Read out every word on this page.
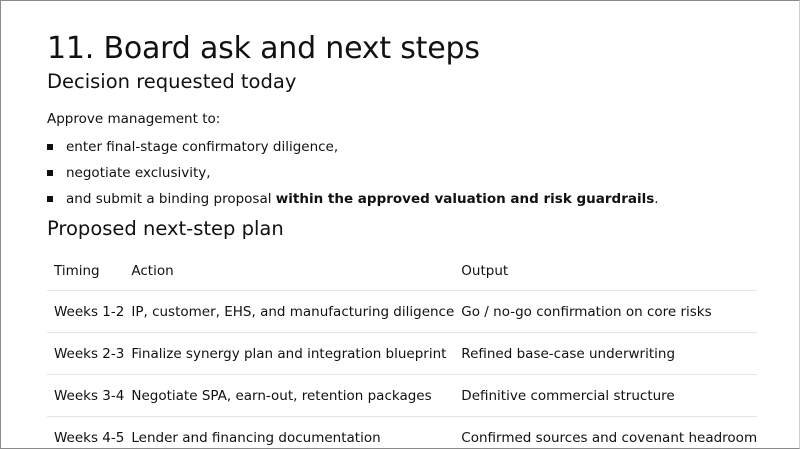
11. Board ask and next steps
Decision requested today

Approve management to:

enter final-stage confirmatory diligence,
negotiate exclusivity,
and submit a binding proposal within the approved valuation and risk guardrails.
Proposed next-step plan
Timing	Action	Output
Weeks 1-2	IP, customer, EHS, and manufacturing diligence	Go / no-go confirmation on core risks
Weeks 2-3	Finalize synergy plan and integration blueprint	Refined base-case underwriting
Weeks 3-4	Negotiate SPA, earn-out, retention packages	Definitive commercial structure
Weeks 4-5	Lender and financing documentation	Confirmed sources and covenant headroom
